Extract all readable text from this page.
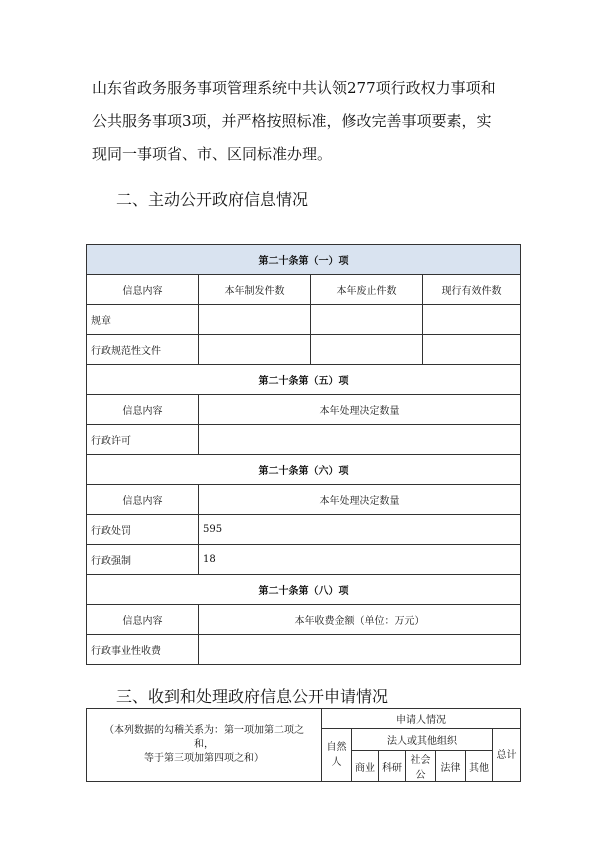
山东省政务服务事项管理系统中共认领277项行政权力事项和
公共服务事项3项，并严格按照标准，修改完善事项要素，实
现同一事项省、市、区同标准办理。
二、主动公开政府信息情况
第二十条第（一）项			
信息内容	本年制发件数	本年废止件数	现行有效件数
规章			
行政规范性文件			
第二十条第（五）项			
信息内容	本年处理决定数量		
行政许可			
第二十条第（六）项			
信息内容	本年处理决定数量		
行政处罚	595		
行政强制	18		
第二十条第（八）项			
信息内容	本年收费金额（单位：万元）		
行政事业性收费			
三、收到和处理政府信息公开申请情况
（本列数据的勾稽关系为：第一项加第二项之
和，
等于第三项加第四项之和）	申请人情况						
	自然人	法人或其他组织					总计
		商业	科研	社会公	法律	其他	
